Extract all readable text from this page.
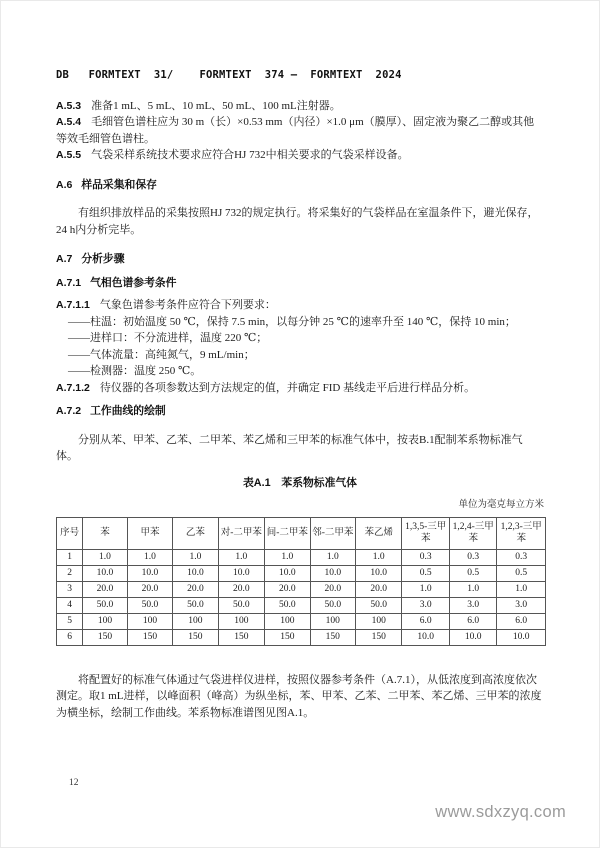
DB   FORMTEXT  31/    FORMTEXT  374 —  FORMTEXT  2024

A.5.3 准备1 mL、5 mL、10 mL、50 mL、100 mL注射器。

A.5.4 毛细管色谱柱应为 30 m（长）×0.53 mm（内径）×1.0 μm（膜厚）、固定液为聚乙二醇或其他等效毛细管色谱柱。

A.5.5 气袋采样系统技术要求应符合HJ 732中相关要求的气袋采样设备。

A.6 样品采集和保存

有组织排放样品的采集按照HJ 732的规定执行。将采集好的气袋样品在室温条件下，避光保存，24 h内分析完毕。

A.7 分析步骤

A.7.1 气相色谱参考条件

A.7.1.1 气象色谱参考条件应符合下列要求：

——柱温：初始温度 50 ℃，保持 7.5 min，以每分钟 25 ℃的速率升至 140 ℃，保持 10 min；
——进样口：不分流进样，温度 220 ℃；
——气体流量：高纯氮气，9 mL/min；
——检测器：温度 250 ℃。

A.7.1.2 待仪器的各项参数达到方法规定的值，并确定 FID 基线走平后进行样品分析。

A.7.2 工作曲线的绘制

分别从苯、甲苯、乙苯、二甲苯、苯乙烯和三甲苯的标准气体中，按表B.1配制苯系物标准气体。

表A.1　苯系物标准气体
单位为毫克每立方米
序号	苯	甲苯	乙苯	对-二甲苯	间-二甲苯	邻-二甲苯	苯乙烯	1,3,5-三甲苯	1,2,4-三甲苯	1,2,3-三甲苯
1	1.0	1.0	1.0	1.0	1.0	1.0	1.0	0.3	0.3	0.3
2	10.0	10.0	10.0	10.0	10.0	10.0	10.0	0.5	0.5	0.5
3	20.0	20.0	20.0	20.0	20.0	20.0	20.0	1.0	1.0	1.0
4	50.0	50.0	50.0	50.0	50.0	50.0	50.0	3.0	3.0	3.0
5	100	100	100	100	100	100	100	6.0	6.0	6.0
6	150	150	150	150	150	150	150	10.0	10.0	10.0

将配置好的标准气体通过气袋进样仪进样，按照仪器参考条件（A.7.1），从低浓度到高浓度依次测定。取1 mL进样，以峰面积（峰高）为纵坐标，苯、甲苯、乙苯、二甲苯、苯乙烯、三甲苯的浓度为横坐标，绘制工作曲线。苯系物标准谱图见图A.1。

12
www.sdxzyq.com
